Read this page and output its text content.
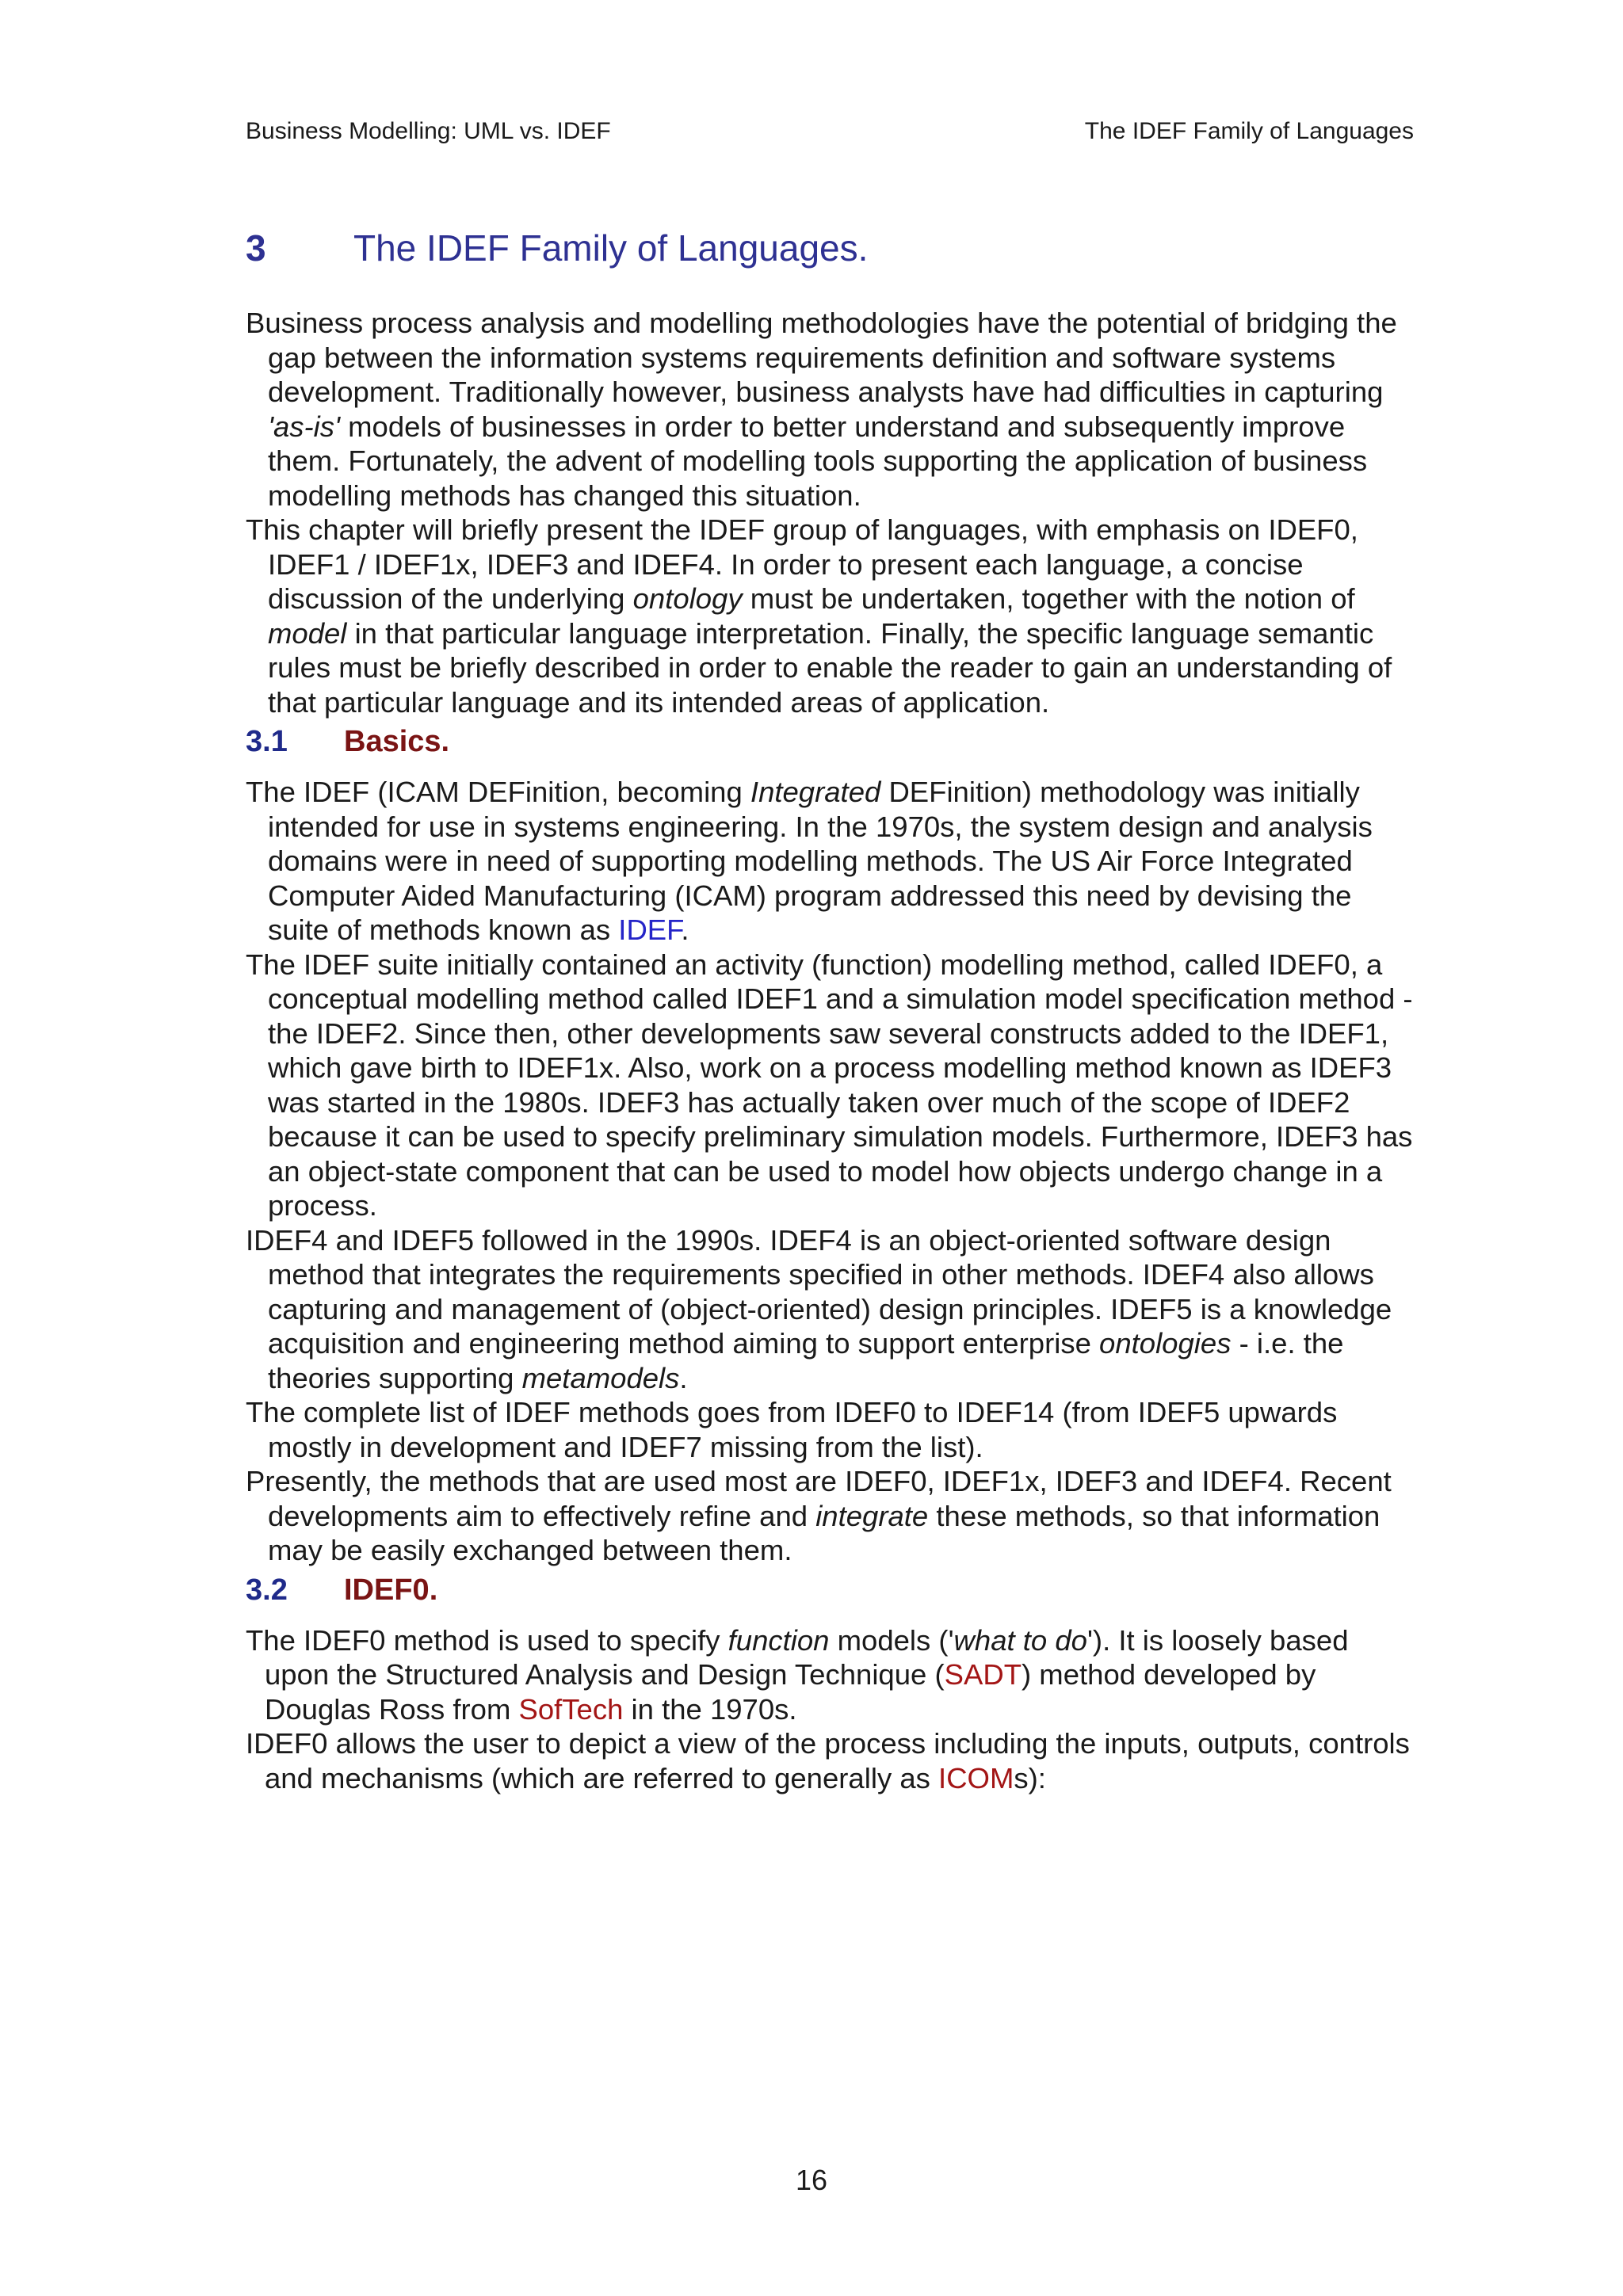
Business Modelling: UML vs. IDEF	The IDEF Family of Languages
3	The IDEF Family of Languages.

Business process analysis and modelling methodologies have the potential of bridging the gap between the information systems requirements definition and software systems development. Traditionally however, business analysts have had difficulties in capturing 'as-is' models of businesses in order to better understand and subsequently improve them. Fortunately, the advent of modelling tools supporting the application of business modelling methods has changed this situation.

This chapter will briefly present the IDEF group of languages, with emphasis on IDEF0, IDEF1 / IDEF1x, IDEF3 and IDEF4. In order to present each language, a concise discussion of the underlying ontology must be undertaken, together with the notion of model in that particular language interpretation. Finally, the specific language semantic rules must be briefly described in order to enable the reader to gain an understanding of that particular language and its intended areas of application.

3.1	Basics.

The IDEF (ICAM DEFinition, becoming Integrated DEFinition) methodology was initially intended for use in systems engineering. In the 1970s, the system design and analysis domains were in need of supporting modelling methods. The US Air Force Integrated Computer Aided Manufacturing (ICAM) program addressed this need by devising the suite of methods known as IDEF.

The IDEF suite initially contained an activity (function) modelling method, called IDEF0, a conceptual modelling method called IDEF1 and a simulation model specification method - the IDEF2. Since then, other developments saw several constructs added to the IDEF1, which gave birth to IDEF1x. Also, work on a process modelling method known as IDEF3 was started in the 1980s. IDEF3 has actually taken over much of the scope of IDEF2 because it can be used to specify preliminary simulation models. Furthermore, IDEF3 has an object-state component that can be used to model how objects undergo change in a process.

IDEF4 and IDEF5 followed in the 1990s. IDEF4 is an object-oriented software design method that integrates the requirements specified in other methods. IDEF4 also allows capturing and management of (object-oriented) design principles. IDEF5 is a knowledge acquisition and engineering method aiming to support enterprise ontologies - i.e. the theories supporting metamodels.

The complete list of IDEF methods goes from IDEF0 to IDEF14 (from IDEF5 upwards mostly in development and IDEF7 missing from the list).

Presently, the methods that are used most are IDEF0, IDEF1x, IDEF3 and IDEF4. Recent developments aim to effectively refine and integrate these methods, so that information may be easily exchanged between them.

3.2	IDEF0.

The IDEF0 method is used to specify function models ('what to do'). It is loosely based upon the Structured Analysis and Design Technique (SADT) method developed by Douglas Ross from SofTech in the 1970s.

IDEF0 allows the user to depict a view of the process including the inputs, outputs, controls and mechanisms (which are referred to generally as ICOMs):

16
